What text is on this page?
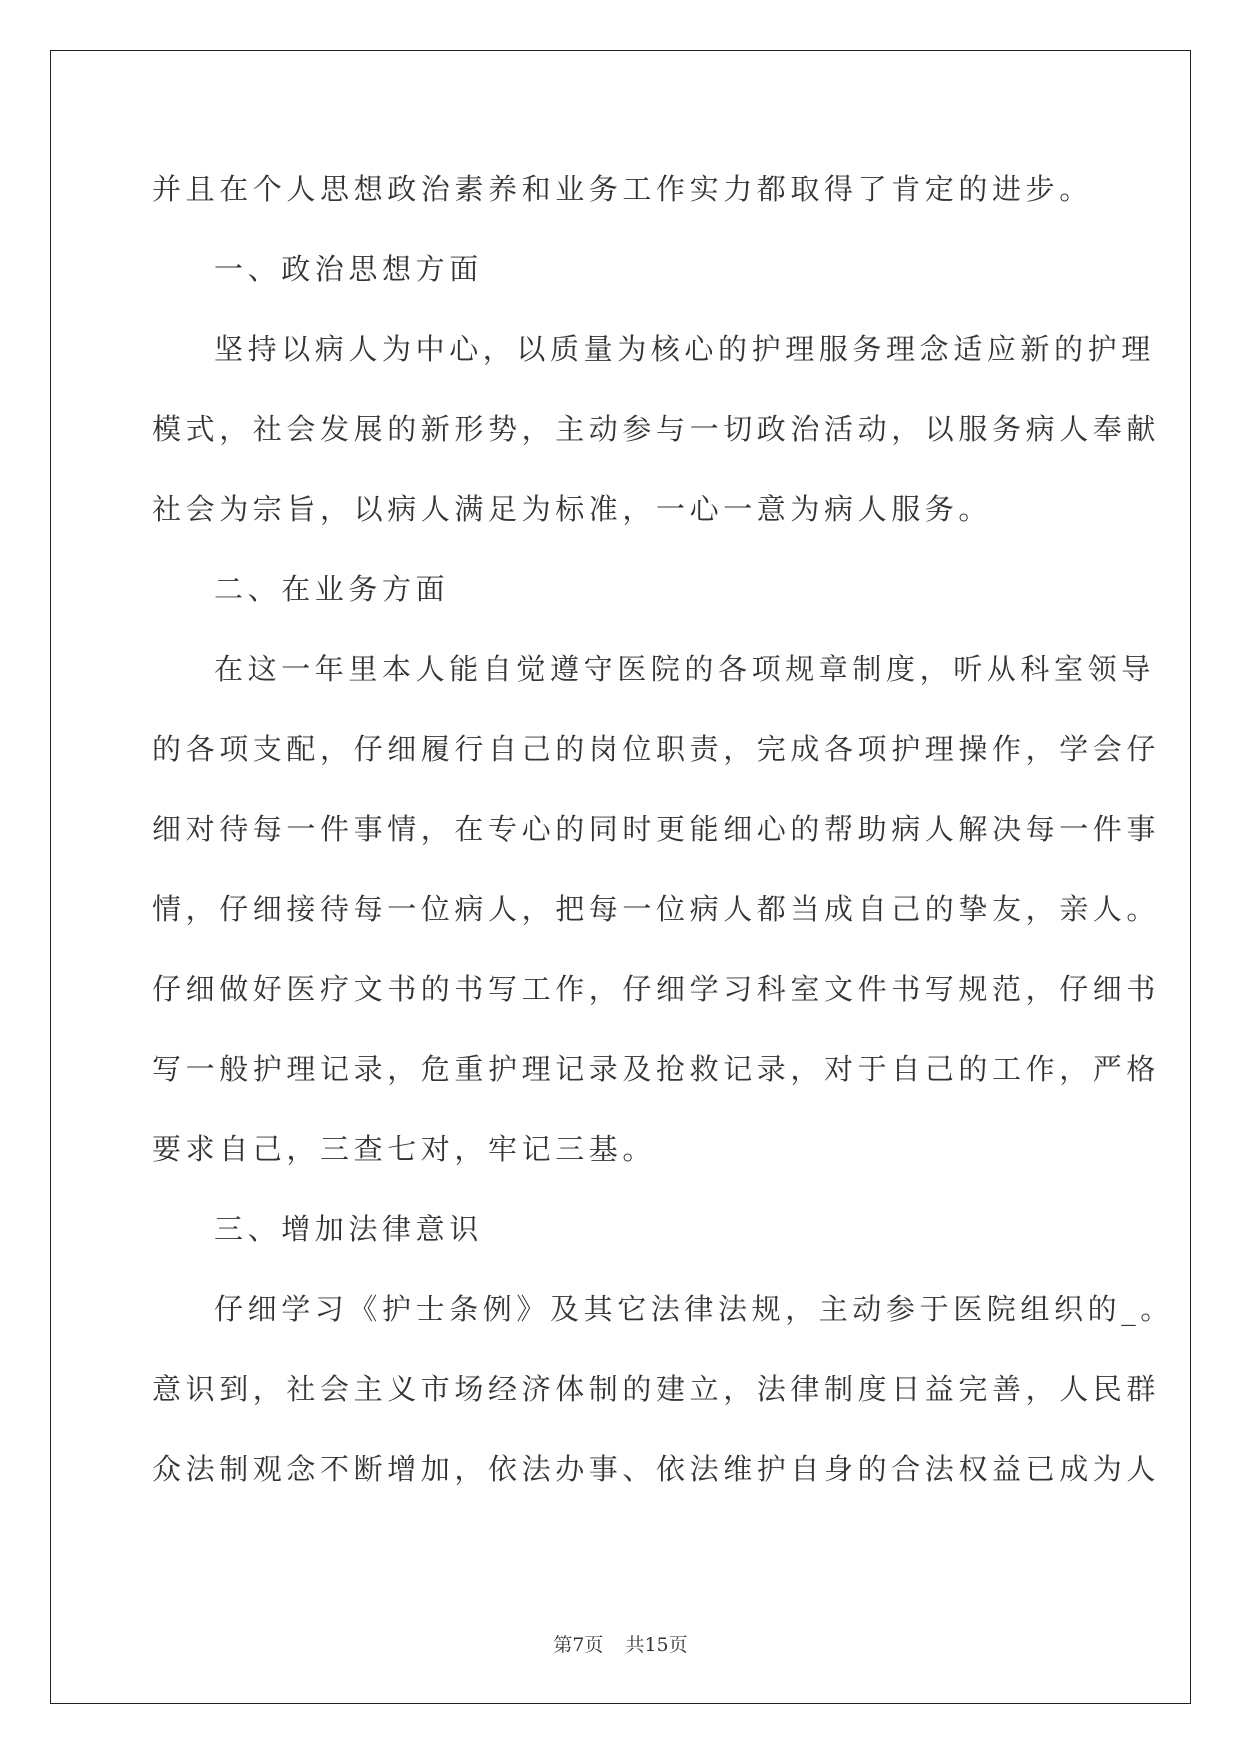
并且在个人思想政治素养和业务工作实力都取得了肯定的进步。
一、政治思想方面
坚持以病人为中心，以质量为核心的护理服务理念适应新的护理
模式，社会发展的新形势，主动参与一切政治活动，以服务病人奉献
社会为宗旨，以病人满足为标准，一心一意为病人服务。
二、在业务方面
在这一年里本人能自觉遵守医院的各项规章制度，听从科室领导
的各项支配，仔细履行自己的岗位职责，完成各项护理操作，学会仔
细对待每一件事情，在专心的同时更能细心的帮助病人解决每一件事
情，仔细接待每一位病人，把每一位病人都当成自己的挚友，亲人。
仔细做好医疗文书的书写工作，仔细学习科室文件书写规范，仔细书
写一般护理记录，危重护理记录及抢救记录，对于自己的工作，严格
要求自己，三查七对，牢记三基。
三、增加法律意识
仔细学习《护士条例》及其它法律法规，主动参于医院组织的_。
意识到，社会主义市场经济体制的建立，法律制度日益完善，人民群
众法制观念不断增加，依法办事、依法维护自身的合法权益已成为人
第7页 共15页
